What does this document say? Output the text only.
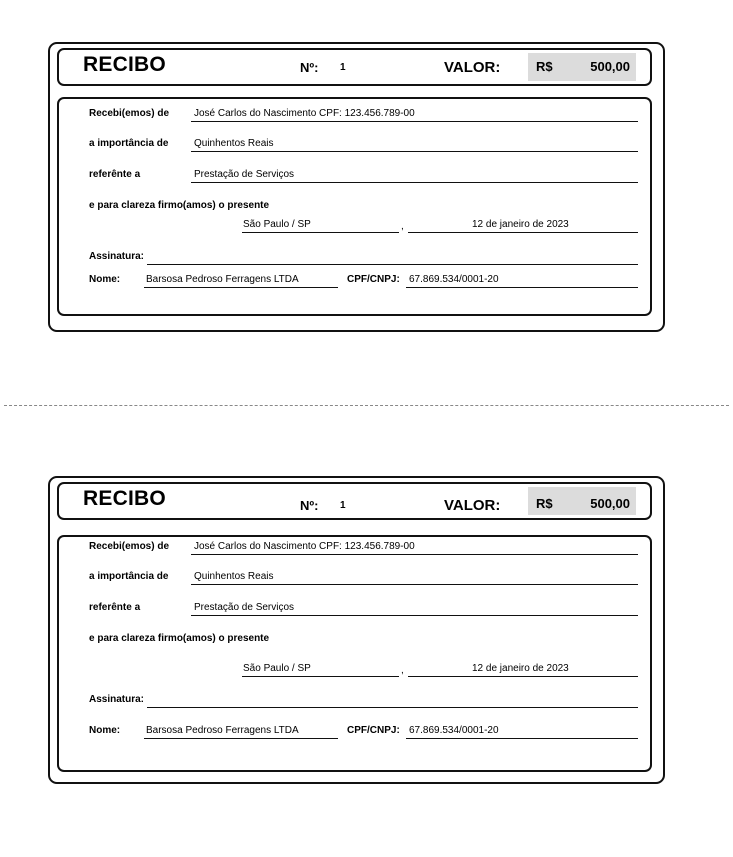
RECIBO	Nº: 1	VALOR:	R$	500,00
Recebi(emos) de José Carlos do Nascimento CPF: 123.456.789-00
a importância de	Quinhentos Reais
referênte a	Prestação de Serviços
e para clareza firmo(amos) o presente
São Paulo / SP	,	12 de janeiro de 2023
Assinatura:
Nome:	Barsosa Pedroso Ferragens LTDA	CPF/CNPJ: 67.869.534/0001-20
RECIBO	Nº: 1	VALOR:	R$	500,00
Recebi(emos) de José Carlos do Nascimento CPF: 123.456.789-00
a importância de	Quinhentos Reais
referênte a	Prestação de Serviços
e para clareza firmo(amos) o presente
São Paulo / SP	,	12 de janeiro de 2023
Assinatura:
Nome:	Barsosa Pedroso Ferragens LTDA	CPF/CNPJ: 67.869.534/0001-20
